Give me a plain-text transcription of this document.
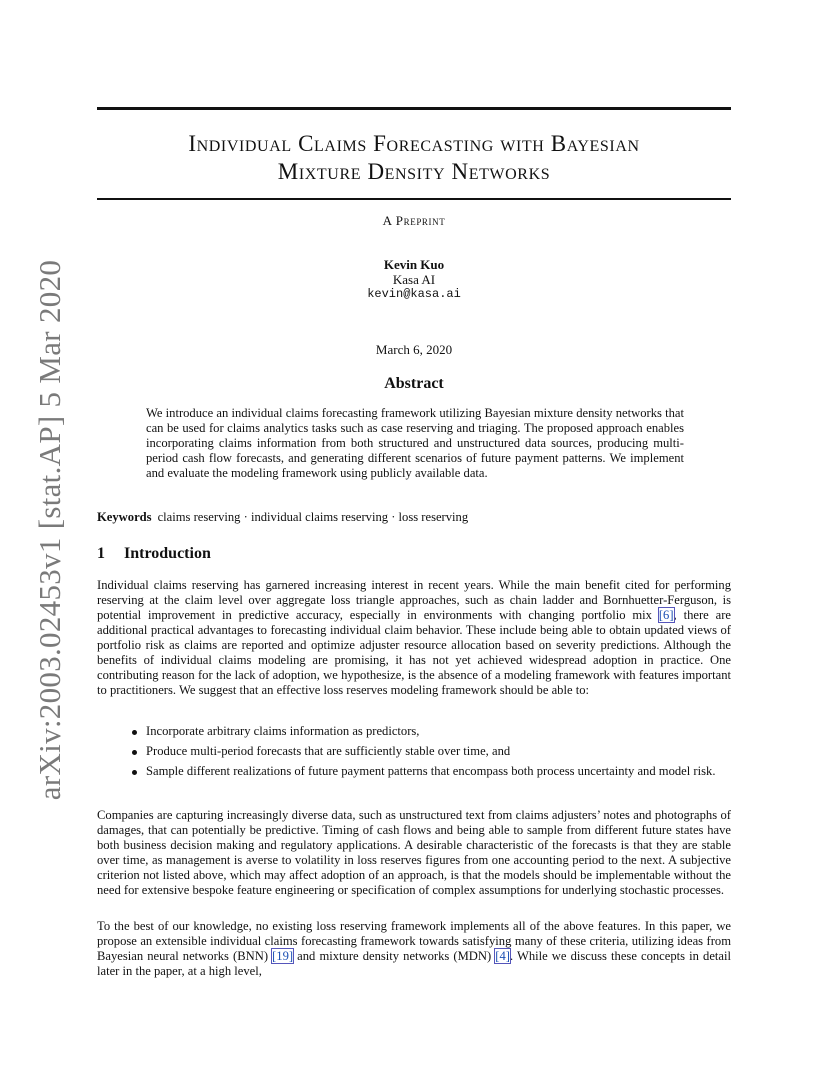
arXiv:2003.02453v1 [stat.AP] 5 Mar 2020
Individual Claims Forecasting with Bayesian
Mixture Density Networks
A Preprint
Kevin Kuo
Kasa AI
kevin@kasa.ai
March 6, 2020
Abstract
We introduce an individual claims forecasting framework utilizing Bayesian mixture density networks that can be used for claims analytics tasks such as case reserving and triaging. The proposed approach enables incorporating claims information from both structured and unstructured data sources, producing multi-period cash flow forecasts, and generating different scenarios of future payment patterns. We implement and evaluate the modeling framework using publicly available data.
Keywords claims reserving · individual claims reserving · loss reserving
1 Introduction

Individual claims reserving has garnered increasing interest in recent years. While the main benefit cited for performing reserving at the claim level over aggregate loss triangle approaches, such as chain ladder and Bornhuetter-Ferguson, is potential improvement in predictive accuracy, especially in environments with changing portfolio mix [6], there are additional practical advantages to forecasting individual claim behavior. These include being able to obtain updated views of portfolio risk as claims are reported and optimize adjuster resource allocation based on severity predictions. Although the benefits of individual claims modeling are promising, it has not yet achieved widespread adoption in practice. One contributing reason for the lack of adoption, we hypothesize, is the absence of a modeling framework with features important to practitioners. We suggest that an effective loss reserves modeling framework should be able to:

Incorporate arbitrary claims information as predictors,
Produce multi-period forecasts that are sufficiently stable over time, and
Sample different realizations of future payment patterns that encompass both process uncertainty and model risk.

Companies are capturing increasingly diverse data, such as unstructured text from claims adjusters’ notes and photographs of damages, that can potentially be predictive. Timing of cash flows and being able to sample from different future states have both business decision making and regulatory applications. A desirable characteristic of the forecasts is that they are stable over time, as management is averse to volatility in loss reserves figures from one accounting period to the next. A subjective criterion not listed above, which may affect adoption of an approach, is that the models should be implementable without the need for extensive bespoke feature engineering or specification of complex assumptions for underlying stochastic processes.

To the best of our knowledge, no existing loss reserving framework implements all of the above features. In this paper, we propose an extensible individual claims forecasting framework towards satisfying many of these criteria, utilizing ideas from Bayesian neural networks (BNN) [19] and mixture density networks (MDN) [4]. While we discuss these concepts in detail later in the paper, at a high level,
